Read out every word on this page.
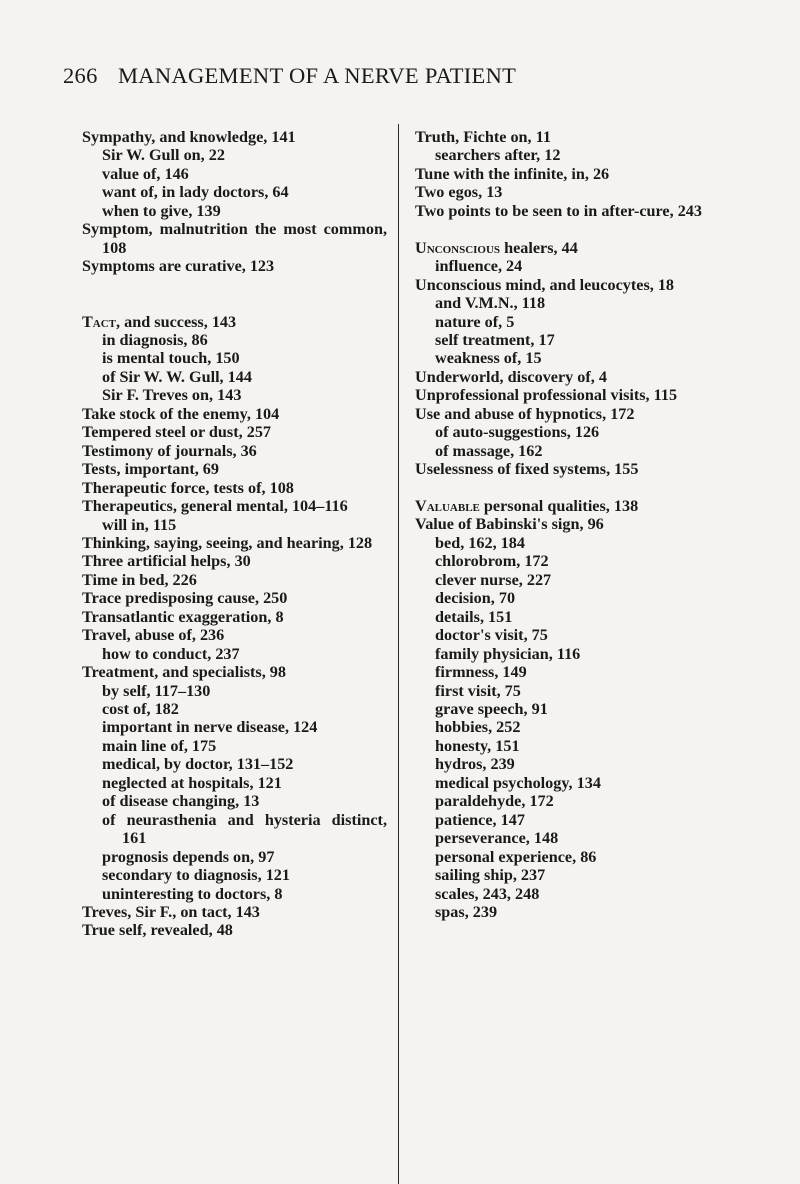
266 MANAGEMENT OF A NERVE PATIENT
Sympathy, and knowledge, 141
Sir W. Gull on, 22
value of, 146
want of, in lady doctors, 64
when to give, 139
Symptom, malnutrition the most common, 108
Symptoms are curative, 123
Tact, and success, 143
in diagnosis, 86
is mental touch, 150
of Sir W. W. Gull, 144
Sir F. Treves on, 143
Take stock of the enemy, 104
Tempered steel or dust, 257
Testimony of journals, 36
Tests, important, 69
Therapeutic force, tests of, 108
Therapeutics, general mental, 104–116
will in, 115
Thinking, saying, seeing, and hearing, 128
Three artificial helps, 30
Time in bed, 226
Trace predisposing cause, 250
Transatlantic exaggeration, 8
Travel, abuse of, 236
how to conduct, 237
Treatment, and specialists, 98
by self, 117–130
cost of, 182
important in nerve disease, 124
main line of, 175
medical, by doctor, 131–152
neglected at hospitals, 121
of disease changing, 13
of neurasthenia and hysteria distinct, 161
prognosis depends on, 97
secondary to diagnosis, 121
uninteresting to doctors, 8
Treves, Sir F., on tact, 143
True self, revealed, 48
Truth, Fichte on, 11
searchers after, 12
Tune with the infinite, in, 26
Two egos, 13
Two points to be seen to in after-cure, 243
Unconscious healers, 44
influence, 24
Unconscious mind, and leucocytes, 18
and V.M.N., 118
nature of, 5
self treatment, 17
weakness of, 15
Underworld, discovery of, 4
Unprofessional professional visits, 115
Use and abuse of hypnotics, 172
of auto-suggestions, 126
of massage, 162
Uselessness of fixed systems, 155
Valuable personal qualities, 138
Value of Babinski's sign, 96
bed, 162, 184
chlorobrom, 172
clever nurse, 227
decision, 70
details, 151
doctor's visit, 75
family physician, 116
firmness, 149
first visit, 75
grave speech, 91
hobbies, 252
honesty, 151
hydros, 239
medical psychology, 134
paraldehyde, 172
patience, 147
perseverance, 148
personal experience, 86
sailing ship, 237
scales, 243, 248
spas, 239
